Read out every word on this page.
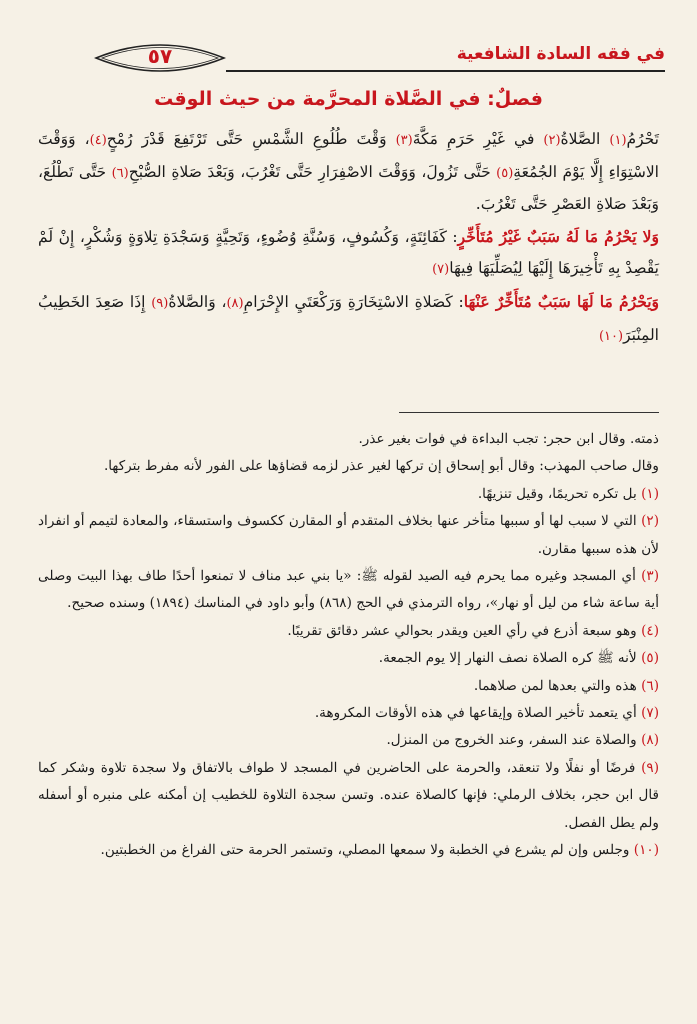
في فقه السادة الشافعية
٥٧
فصلٌ: في الصَّلاة المحرَّمة من حيث الوقت

تَحْرُمُ(١) الصَّلاةُ(٢) في غَيْرِ حَرَمِ مَكَّةَ(٣) وَقْتَ طُلُوعِ الشَّمْسِ حَتَّى تَرْتَفِعَ قَدْرَ رُمْحٍ(٤)، وَوَقْتَ الاسْتِوَاءِ إِلَّا يَوْمَ الجُمُعَةِ(٥) حَتَّى تَزُولَ، وَوَقْتَ الاصْفِرَارِ حَتَّى تَغْرُبَ، وَبَعْدَ صَلاةِ الصُّبْحِ(٦) حَتَّى تَطْلُعَ، وَبَعْدَ صَلاةِ العَصْرِ حَتَّى تَغْرُبَ.

وَلا يَحْرُمُ مَا لَهُ سَبَبٌ غَيْرُ مُتَأَخِّرٍ: كَفَائِتَةٍ، وَكُسُوفٍ، وَسُنَّةِ وُضُوءٍ، وَتَحِيَّةٍ وَسَجْدَةِ تِلاوَةٍ وَشُكْرٍ، إِنْ لَمْ يَقْصِدْ بِهِ تَأْخِيرَهَا إِلَيْهَا لِيُصَلِّيَهَا فِيهَا(٧)

وَيَحْرُمُ مَا لَهَا سَبَبٌ مُتَأَخِّرٌ عَنْهَا: كَصَلاةِ الاسْتِخَارَةِ وَرَكْعَتَيِ الإِحْرَامِ(٨)، وَالصَّلاةُ(٩) إِذَا صَعِدَ الخَطِيبُ المِنْبَرَ(١٠)

ذمته. وقال ابن حجر: تجب البداءة في فوات بغير عذر.

وقال صاحب المهذب: وقال أبو إسحاق إن تركها لغير عذر لزمه قضاؤها على الفور لأنه مفرط بتركها.

(١) بل تكره تحريمًا، وقيل تنزيهًا.

(٢) التي لا سبب لها أو سببها متأخر عنها بخلاف المتقدم أو المقارن ككسوف واستسقاء، والمعادة لتيمم أو انفراد لأن هذه سببها مقارن.

(٣) أي المسجد وغيره مما يحرم فيه الصيد لقوله ﷺ: «يا بني عبد مناف لا تمنعوا أحدًا طاف بهذا البيت وصلى أية ساعة شاء من ليل أو نهار»، رواه الترمذي في الحج (٨٦٨) وأبو داود في المناسك (١٨٩٤) وسنده صحيح.

(٤) وهو سبعة أذرع في رأي العين ويقدر بحوالي عشر دقائق تقريبًا.

(٥) لأنه ﷺ كره الصلاة نصف النهار إلا يوم الجمعة.

(٦) هذه والتي بعدها لمن صلاهما.

(٧) أي يتعمد تأخير الصلاة وإيقاعها في هذه الأوقات المكروهة.

(٨) والصلاة عند السفر، وعند الخروج من المنزل.

(٩) فرضًا أو نفلًا ولا تنعقد، والحرمة على الحاضرين في المسجد لا طواف بالاتفاق ولا سجدة تلاوة وشكر كما قال ابن حجر، بخلاف الرملي: فإنها كالصلاة عنده. وتسن سجدة التلاوة للخطيب إن أمكنه على منبره أو أسفله ولم يطل الفصل.

(١٠) وجلس وإن لم يشرع في الخطبة ولا سمعها المصلي، وتستمر الحرمة حتى الفراغ من الخطبتين.
